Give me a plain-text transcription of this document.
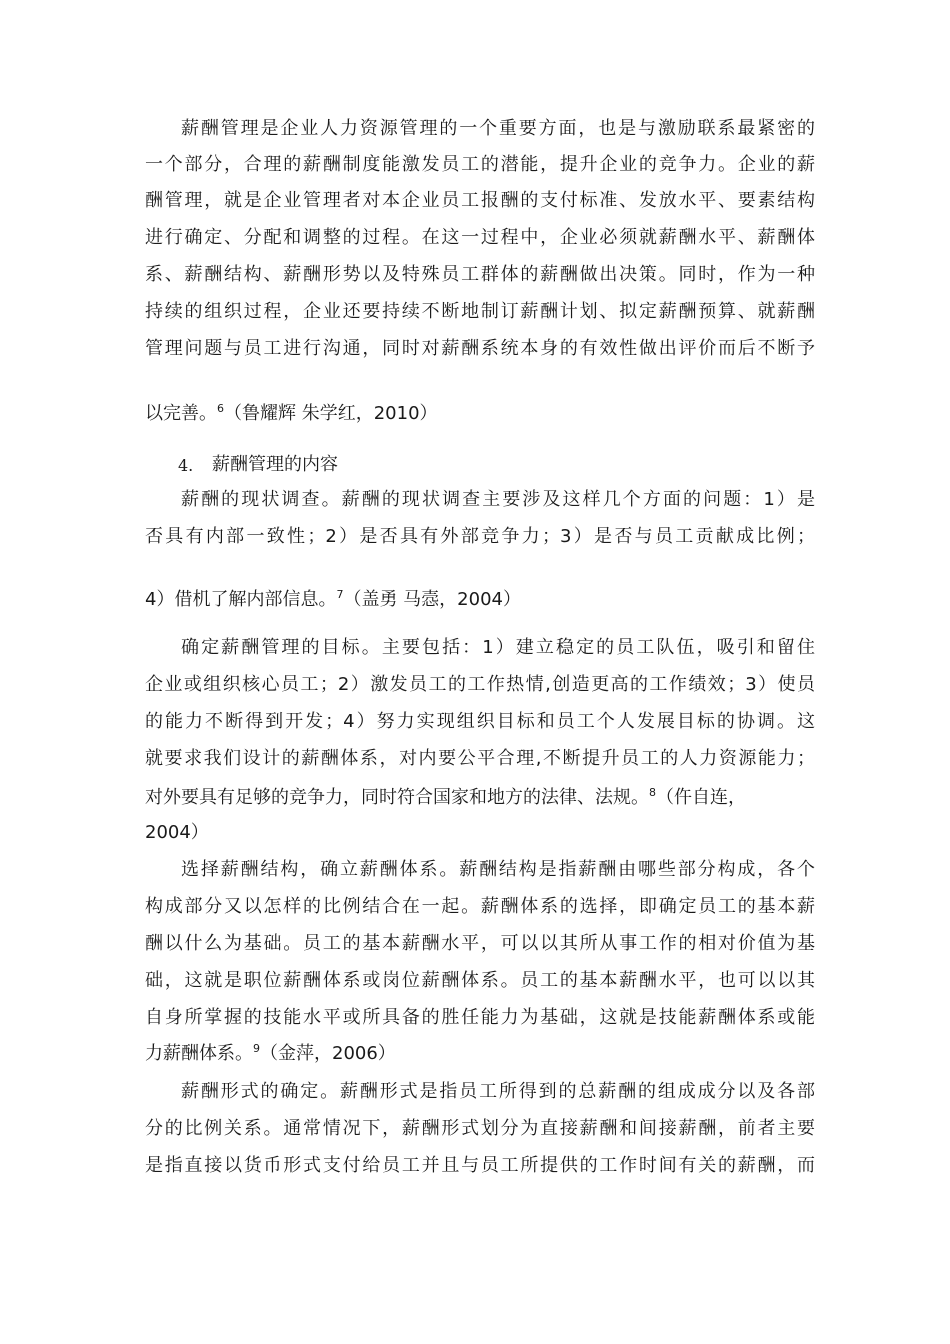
薪酬管理是企业人力资源管理的一个重要方面，也是与激励联系最紧密的
一个部分，合理的薪酬制度能激发员工的潜能，提升企业的竞争力。企业的薪
酬管理，就是企业管理者对本企业员工报酬的支付标准、发放水平、要素结构
进行确定、分配和调整的过程。在这一过程中，企业必须就薪酬水平、薪酬体
系、薪酬结构、薪酬形势以及特殊员工群体的薪酬做出决策。同时，作为一种
持续的组织过程，企业还要持续不断地制订薪酬计划、拟定薪酬预算、就薪酬
管理问题与员工进行沟通，同时对薪酬系统本身的有效性做出评价而后不断予
以完善。$^6$（鲁耀辉 朱学红，2010）
4.	薪酬管理的内容
薪酬的现状调查。薪酬的现状调查主要涉及这样几个方面的问题：1）是
否具有内部一致性；2）是否具有外部竞争力；3）是否与员工贡献成比例；
4）借机了解内部信息。$^7$（盖勇 马悫，2004）
确定薪酬管理的目标。主要包括：1）建立稳定的员工队伍，吸引和留住
企业或组织核心员工；2）激发员工的工作热情,创造更高的工作绩效；3）使员
的能力不断得到开发；4）努力实现组织目标和员工个人发展目标的协调。这
就要求我们设计的薪酬体系，对内要公平合理,不断提升员工的人力资源能力；
对外要具有足够的竞争力，同时符合国家和地方的法律、法规。$^8$（仵自连，
2004）
选择薪酬结构，确立薪酬体系。薪酬结构是指薪酬由哪些部分构成，各个
构成部分又以怎样的比例结合在一起。薪酬体系的选择，即确定员工的基本薪
酬以什么为基础。员工的基本薪酬水平，可以以其所从事工作的相对价值为基
础，这就是职位薪酬体系或岗位薪酬体系。员工的基本薪酬水平，也可以以其
自身所掌握的技能水平或所具备的胜任能力为基础，这就是技能薪酬体系或能
力薪酬体系。$^9$（金萍，2006）
薪酬形式的确定。薪酬形式是指员工所得到的总薪酬的组成成分以及各部
分的比例关系。通常情况下，薪酬形式划分为直接薪酬和间接薪酬，前者主要
是指直接以货币形式支付给员工并且与员工所提供的工作时间有关的薪酬，而
